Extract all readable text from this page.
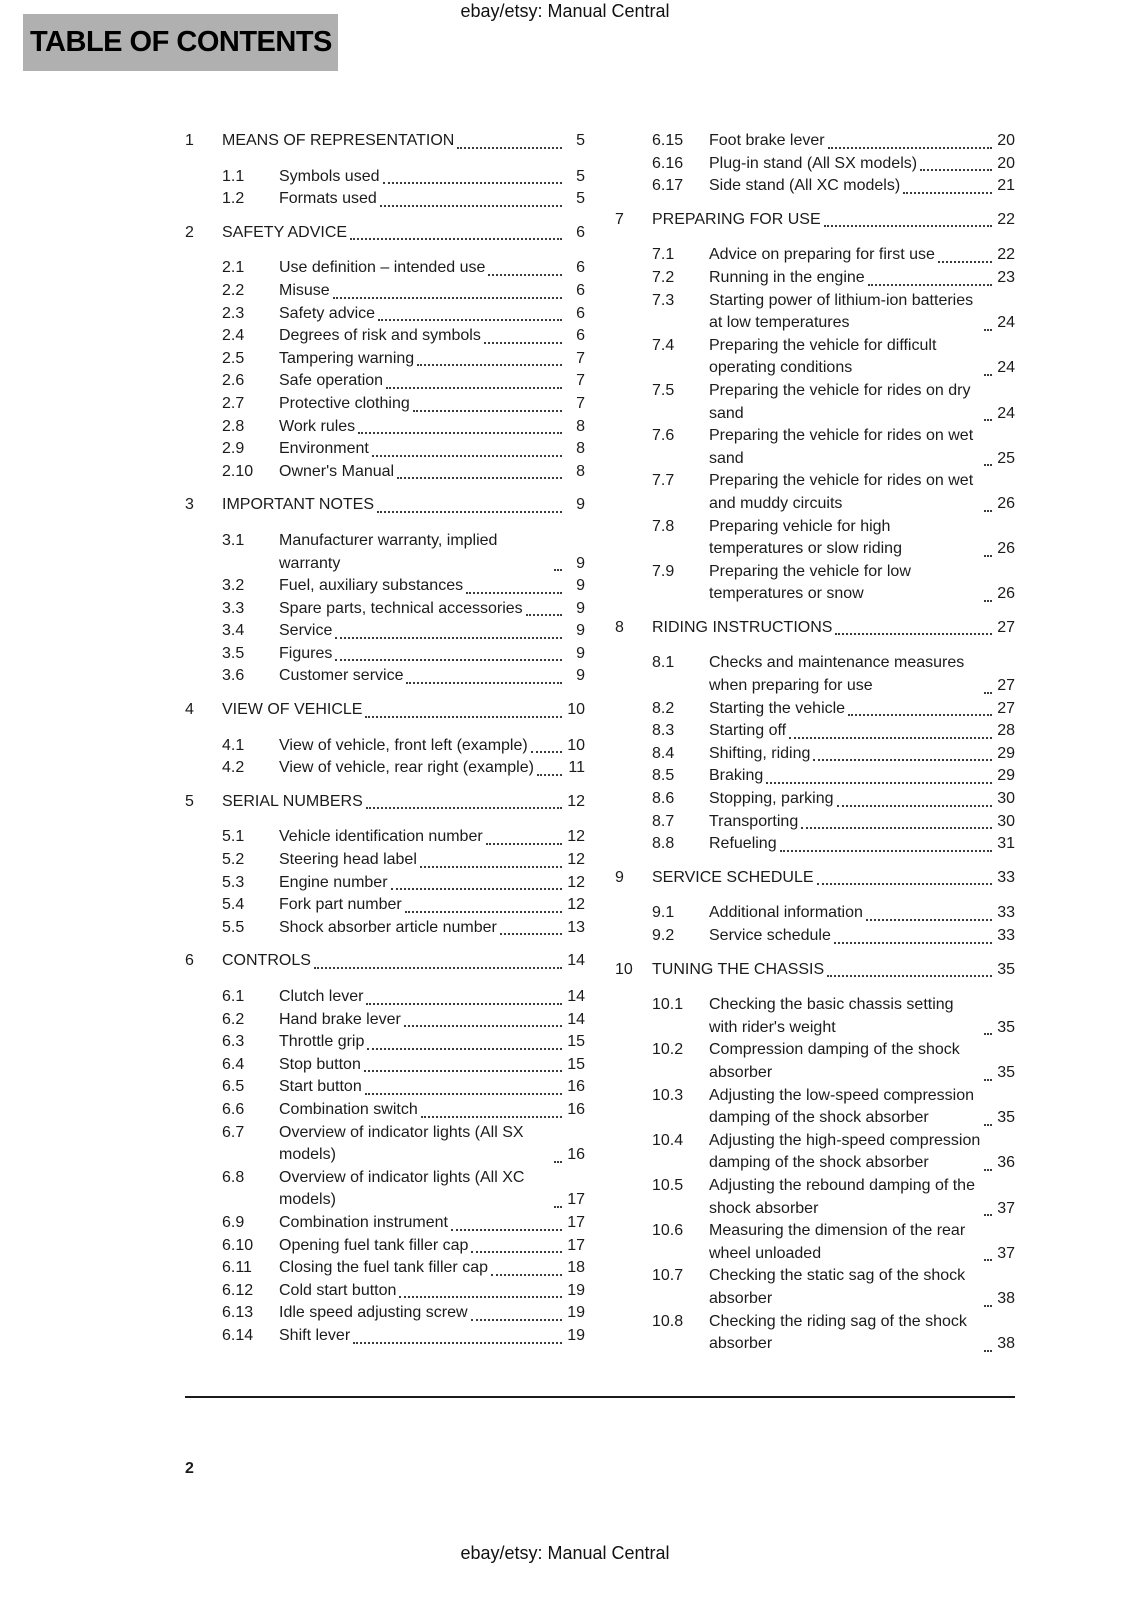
ebay/etsy: Manual Central
TABLE OF CONTENTS
1	MEANS OF REPRESENTATION	5
1.1	Symbols used	5
1.2	Formats used	5
2	SAFETY ADVICE	6
2.1	Use definition – intended use	6
2.2	Misuse	6
2.3	Safety advice	6
2.4	Degrees of risk and symbols	6
2.5	Tampering warning	7
2.6	Safe operation	7
2.7	Protective clothing	7
2.8	Work rules	8
2.9	Environment	8
2.10	Owner's Manual	8
3	IMPORTANT NOTES	9
3.1	Manufacturer warranty, implied warranty	9
3.2	Fuel, auxiliary substances	9
3.3	Spare parts, technical accessories	9
3.4	Service	9
3.5	Figures	9
3.6	Customer service	9
4	VIEW OF VEHICLE	10
4.1	View of vehicle, front left (example) 10
4.2	View of vehicle, rear right (example) 11
5	SERIAL NUMBERS	12
5.1	Vehicle identification number	12
5.2	Steering head label	12
5.3	Engine number	12
5.4	Fork part number	12
5.5	Shock absorber article number	13
6	CONTROLS	14
6.1	Clutch lever	14
6.2	Hand brake lever	14
6.3	Throttle grip	15
6.4	Stop button	15
6.5	Start button	16
6.6	Combination switch	16
6.7	Overview of indicator lights (All SX models)	16
6.8	Overview of indicator lights (All XC models)	17
6.9	Combination instrument	17
6.10	Opening fuel tank filler cap	17
6.11	Closing the fuel tank filler cap	18
6.12	Cold start button	19
6.13	Idle speed adjusting screw	19
6.14	Shift lever	19
6.15	Foot brake lever	20
6.16	Plug-in stand (All SX models)	20
6.17	Side stand (All XC models)	21
7	PREPARING FOR USE	22
7.1	Advice on preparing for first use	22
7.2	Running in the engine	23
7.3	Starting power of lithium-ion batteries at low temperatures	24
7.4	Preparing the vehicle for difficult operating conditions	24
7.5	Preparing the vehicle for rides on dry sand	24
7.6	Preparing the vehicle for rides on wet sand	25
7.7	Preparing the vehicle for rides on wet and muddy circuits	26
7.8	Preparing vehicle for high temperatures or slow riding	26
7.9	Preparing the vehicle for low temperatures or snow	26
8	RIDING INSTRUCTIONS	27
8.1	Checks and maintenance measures when preparing for use	27
8.2	Starting the vehicle	27
8.3	Starting off	28
8.4	Shifting, riding	29
8.5	Braking	29
8.6	Stopping, parking	30
8.7	Transporting	30
8.8	Refueling	31
9	SERVICE SCHEDULE	33
9.1	Additional information	33
9.2	Service schedule	33
10	TUNING THE CHASSIS	35
10.1	Checking the basic chassis setting with rider's weight	35
10.2	Compression damping of the shock absorber	35
10.3	Adjusting the low-speed compression damping of the shock absorber	35
10.4	Adjusting the high-speed compression damping of the shock absorber	36
10.5	Adjusting the rebound damping of the shock absorber	37
10.6	Measuring the dimension of the rear wheel unloaded	37
10.7	Checking the static sag of the shock absorber	38
10.8	Checking the riding sag of the shock absorber	38
2
ebay/etsy: Manual Central
